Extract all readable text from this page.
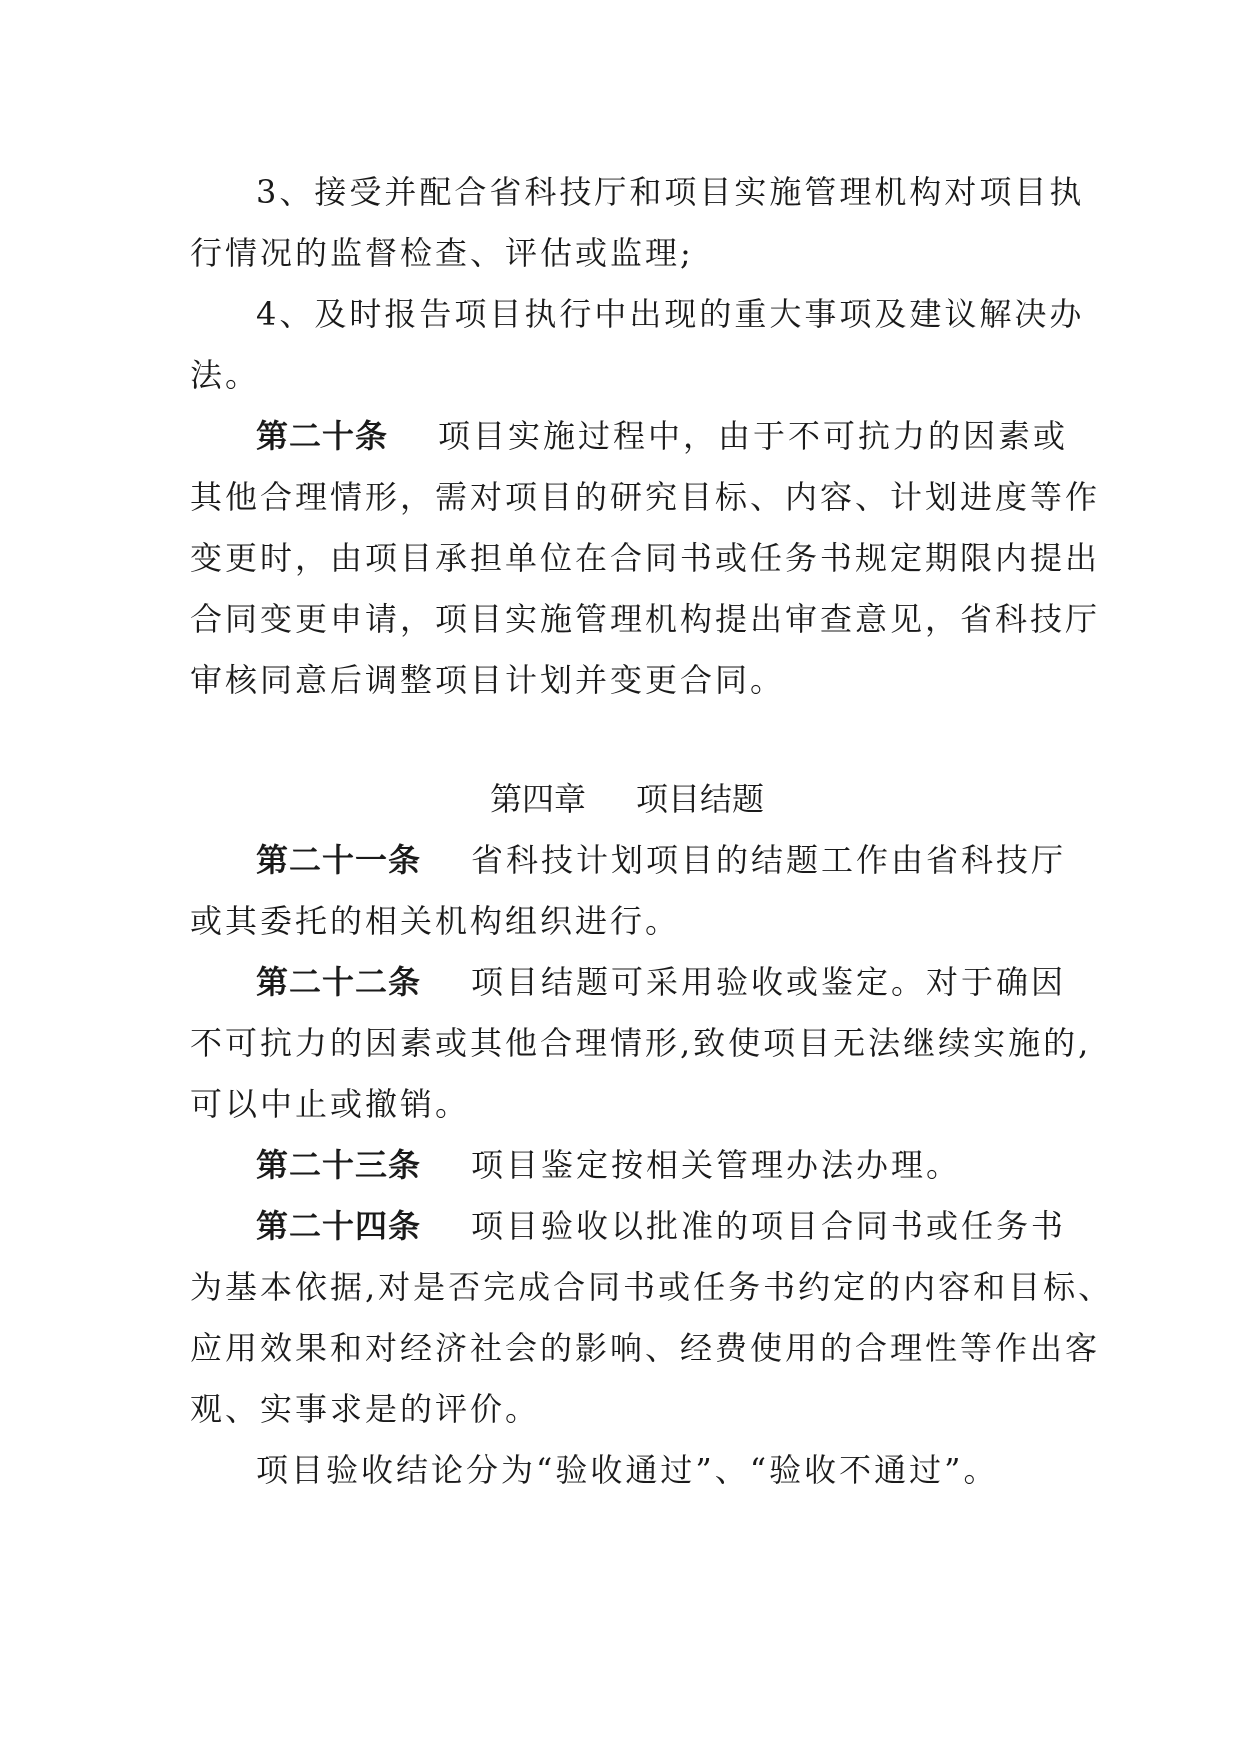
3、接受并配合省科技厅和项目实施管理机构对项目执

行情况的监督检查、评估或监理;

4、及时报告项目执行中出现的重大事项及建议解决办

法。

第二十条 项目实施过程中，由于不可抗力的因素或

其他合理情形，需对项目的研究目标、内容、计划进度等作

变更时，由项目承担单位在合同书或任务书规定期限内提出

合同变更申请，项目实施管理机构提出审查意见，省科技厅

审核同意后调整项目计划并变更合同。

第四章 项目结题

第二十一条 省科技计划项目的结题工作由省科技厅

或其委托的相关机构组织进行。

第二十二条 项目结题可采用验收或鉴定。对于确因

不可抗力的因素或其他合理情形,致使项目无法继续实施的,

可以中止或撤销。

第二十三条 项目鉴定按相关管理办法办理。

第二十四条 项目验收以批准的项目合同书或任务书

为基本依据,对是否完成合同书或任务书约定的内容和目标、

应用效果和对经济社会的影响、经费使用的合理性等作出客

观、实事求是的评价。

项目验收结论分为“验收通过”、“验收不通过”。
